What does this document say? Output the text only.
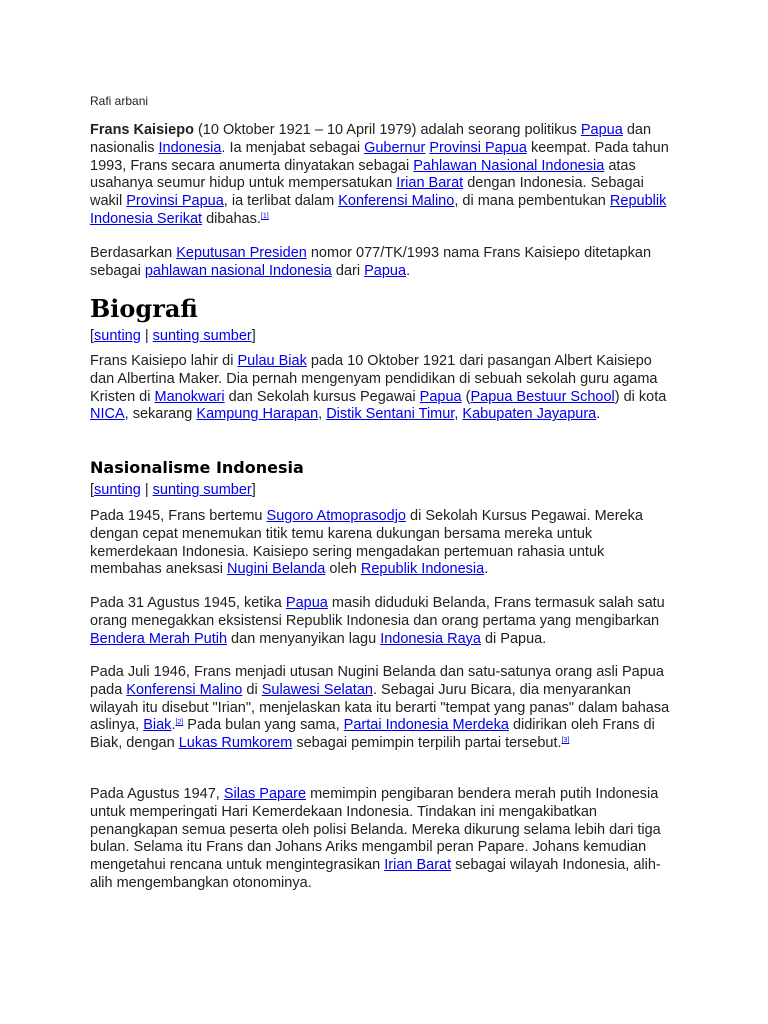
Rafi arbani

Frans Kaisiepo (10 Oktober 1921 – 10 April 1979) adalah seorang politikus Papua dan nasionalis Indonesia. Ia menjabat sebagai Gubernur Provinsi Papua keempat. Pada tahun 1993, Frans secara anumerta dinyatakan sebagai Pahlawan Nasional Indonesia atas usahanya seumur hidup untuk mempersatukan Irian Barat dengan Indonesia. Sebagai wakil Provinsi Papua, ia terlibat dalam Konferensi Malino, di mana pembentukan Republik Indonesia Serikat dibahas.[1]

Berdasarkan Keputusan Presiden nomor 077/TK/1993 nama Frans Kaisiepo ditetapkan sebagai pahlawan nasional Indonesia dari Papua.

Biografi
[sunting | sunting sumber]

Frans Kaisiepo lahir di Pulau Biak pada 10 Oktober 1921 dari pasangan Albert Kaisiepo dan Albertina Maker. Dia pernah mengenyam pendidikan di sebuah sekolah guru agama Kristen di Manokwari dan Sekolah kursus Pegawai Papua (Papua Bestuur School) di kota NICA, sekarang Kampung Harapan, Distik Sentani Timur, Kabupaten Jayapura.

Nasionalisme Indonesia
[sunting | sunting sumber]

Pada 1945, Frans bertemu Sugoro Atmoprasodjo di Sekolah Kursus Pegawai. Mereka dengan cepat menemukan titik temu karena dukungan bersama mereka untuk kemerdekaan Indonesia. Kaisiepo sering mengadakan pertemuan rahasia untuk membahas aneksasi Nugini Belanda oleh Republik Indonesia.

Pada 31 Agustus 1945, ketika Papua masih diduduki Belanda, Frans termasuk salah satu orang menegakkan eksistensi Republik Indonesia dan orang pertama yang mengibarkan Bendera Merah Putih dan menyanyikan lagu Indonesia Raya di Papua.

Pada Juli 1946, Frans menjadi utusan Nugini Belanda dan satu-satunya orang asli Papua pada Konferensi Malino di Sulawesi Selatan. Sebagai Juru Bicara, dia menyarankan wilayah itu disebut "Irian", menjelaskan kata itu berarti "tempat yang panas" dalam bahasa aslinya, Biak.[2] Pada bulan yang sama, Partai Indonesia Merdeka didirikan oleh Frans di Biak, dengan Lukas Rumkorem sebagai pemimpin terpilih partai tersebut.[3]

Pada Agustus 1947, Silas Papare memimpin pengibaran bendera merah putih Indonesia untuk memperingati Hari Kemerdekaan Indonesia. Tindakan ini mengakibatkan penangkapan semua peserta oleh polisi Belanda. Mereka dikurung selama lebih dari tiga bulan. Selama itu Frans dan Johans Ariks mengambil peran Papare. Johans kemudian mengetahui rencana untuk mengintegrasikan Irian Barat sebagai wilayah Indonesia, alih-alih mengembangkan otonominya.
